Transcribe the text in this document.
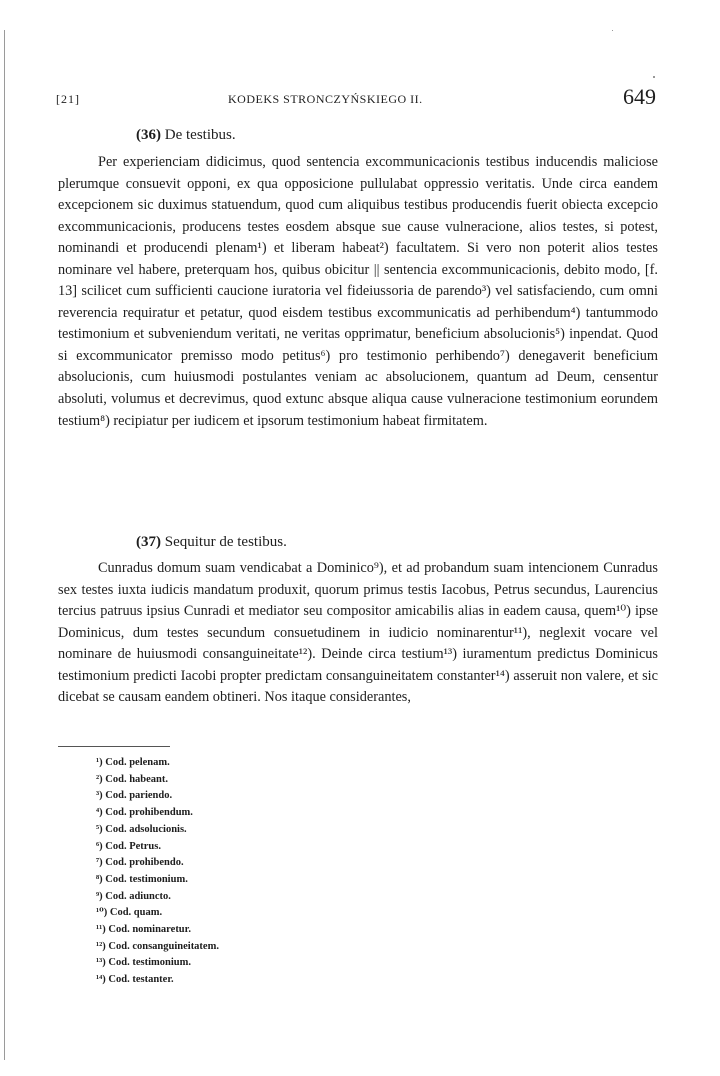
[21]	KODEKS STRONCZYŃSKIEGO II.	649
(36) De testibus.

Per experienciam didicimus, quod sentencia excommunicacionis testibus inducendis maliciose plerumque consuevit opponi, ex qua opposicione pullulabat oppressio veritatis. Unde circa eandem excepcionem sic duximus statuendum, quod cum aliquibus testibus producendis fuerit obiecta excepcio excommunicacionis, producens testes eosdem absque sue cause vulneracione, alios testes, si potest, nominandi et producendi plenam¹) et liberam habeat²) facultatem. Si vero non poterit alios testes nominare vel habere, preterquam hos, quibus obicitur || sentencia excommunicacionis, debito modo, [f. 13] scilicet cum sufficienti caucione iuratoria vel fideiussoria de parendo³) vel satisfaciendo, cum omni reverencia requiratur et petatur, quod eisdem testibus excommunicatis ad perhibendum⁴) tantummodo testimonium et subveniendum veritati, ne veritas opprimatur, beneficium absolucionis⁵) inpendat. Quod si excommunicator premisso modo petitus⁶) pro testimonio perhibendo⁷) denegaverit beneficium absolucionis, cum huiusmodi postulantes veniam ac absolucionem, quantum ad Deum, censentur absoluti, volumus et decrevimus, quod extunc absque aliqua cause vulneracione testimonium eorundem testium⁸) recipiatur per iudicem et ipsorum testimonium habeat firmitatem.

(37) Sequitur de testibus.

Cunradus domum suam vendicabat a Dominico⁹), et ad probandum suam intencionem Cunradus sex testes iuxta iudicis mandatum produxit, quorum primus testis Iacobus, Petrus secundus, Laurencius tercius patruus ipsius Cunradi et mediator seu compositor amicabilis alias in eadem causa, quem¹⁰) ipse Dominicus, dum testes secundum consuetudinem in iudicio nominarentur¹¹), neglexit vocare vel nominare de huiusmodi consanguineitate¹²). Deinde circa testium¹³) iuramentum predictus Dominicus testimonium predicti Iacobi propter predictam consanguineitatem constanter¹⁴) asseruit non valere, et sic dicebat se causam eandem obtineri. Nos itaque considerantes,

¹) Cod. pelenam.
²) Cod. habeant.
³) Cod. pariendo.
⁴) Cod. prohibendum.
⁵) Cod. adsolucionis.
⁶) Cod. Petrus.
⁷) Cod. prohibendo.
⁸) Cod. testimonium.
⁹) Cod. adiuncto.
¹⁰) Cod. quam.
¹¹) Cod. nominaretur.
¹²) Cod. consanguineitatem.
¹³) Cod. testimonium.
¹⁴) Cod. testanter.
